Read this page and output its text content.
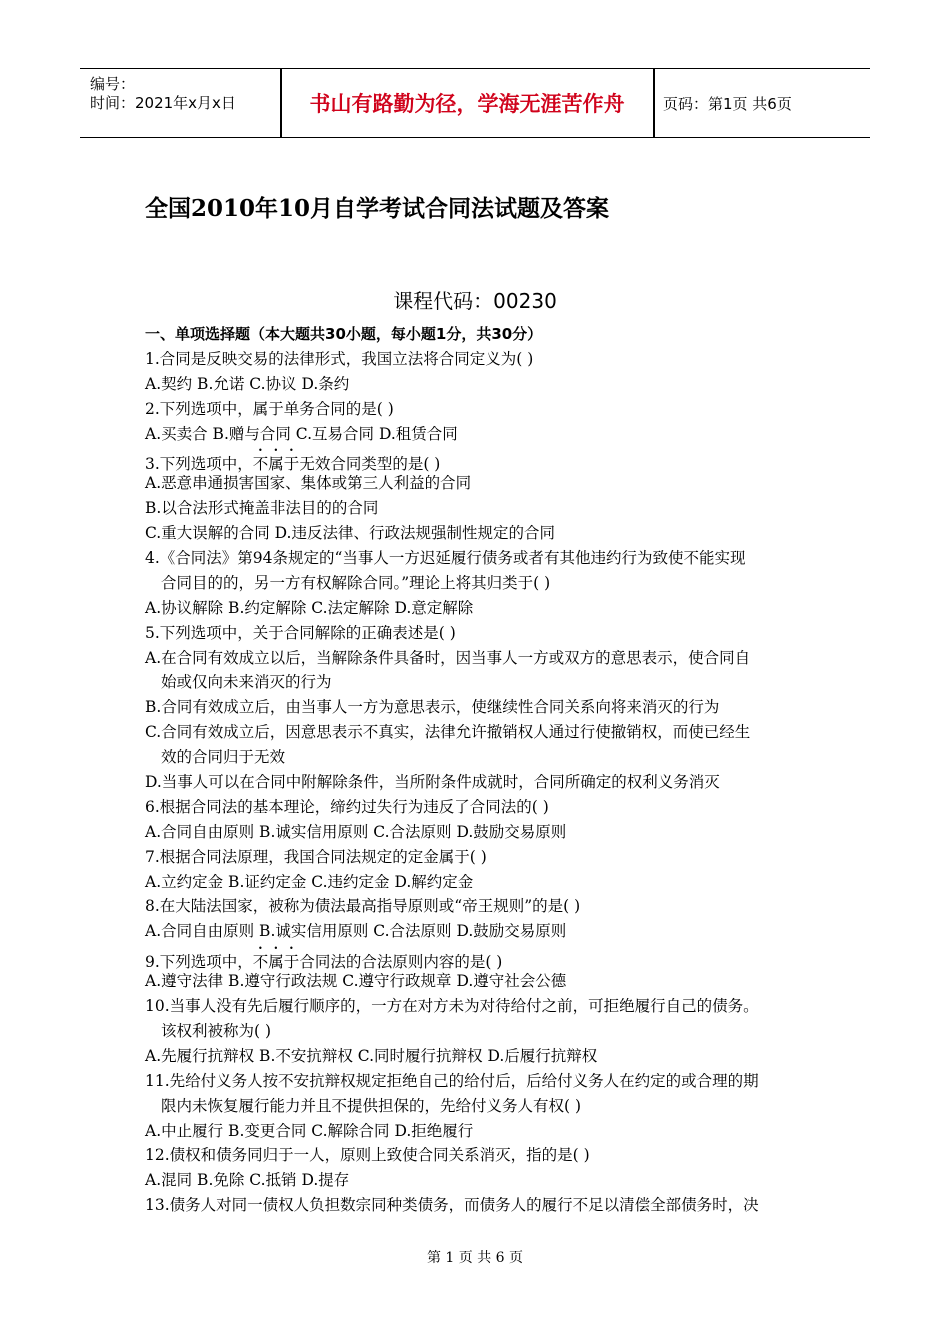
编号：
时间：2021年x月x日	书山有路勤为径，学海无涯苦作舟	页码：第1页 共6页
全国2010年10月自学考试合同法试题及答案
课程代码：00230
一、单项选择题（本大题共30小题，每小题1分，共30分）
1.合同是反映交易的法律形式，我国立法将合同定义为( )
A.契约 B.允诺 C.协议 D.条约
2.下列选项中，属于单务合同的是( )
A.买卖合 B.赠与合同 C.互易合同 D.租赁合同
3.下列选项中，不属于无效合同类型的是( )
A.恶意串通损害国家、集体或第三人利益的合同
B.以合法形式掩盖非法目的的合同
C.重大误解的合同 D.违反法律、行政法规强制性规定的合同
4.《合同法》第94条规定的“当事人一方迟延履行债务或者有其他违约行为致使不能实现
合同目的的，另一方有权解除合同。”理论上将其归类于( )
A.协议解除 B.约定解除 C.法定解除 D.意定解除
5.下列选项中，关于合同解除的正确表述是( )
A.在合同有效成立以后，当解除条件具备时，因当事人一方或双方的意思表示，使合同自
始或仅向未来消灭的行为
B.合同有效成立后，由当事人一方为意思表示，使继续性合同关系向将来消灭的行为
C.合同有效成立后，因意思表示不真实，法律允许撤销权人通过行使撤销权，而使已经生
效的合同归于无效
D.当事人可以在合同中附解除条件，当所附条件成就时，合同所确定的权利义务消灭
6.根据合同法的基本理论，缔约过失行为违反了合同法的( )
A.合同自由原则 B.诚实信用原则 C.合法原则 D.鼓励交易原则
7.根据合同法原理，我国合同法规定的定金属于( )
A.立约定金 B.证约定金 C.违约定金 D.解约定金
8.在大陆法国家，被称为债法最高指导原则或“帝王规则”的是( )
A.合同自由原则 B.诚实信用原则 C.合法原则 D.鼓励交易原则
9.下列选项中，不属于合同法的合法原则内容的是( )
A.遵守法律 B.遵守行政法规 C.遵守行政规章 D.遵守社会公德
10.当事人没有先后履行顺序的，一方在对方未为对待给付之前，可拒绝履行自己的债务。
该权利被称为( )
A.先履行抗辩权 B.不安抗辩权 C.同时履行抗辩权 D.后履行抗辩权
11.先给付义务人按不安抗辩权规定拒绝自己的给付后，后给付义务人在约定的或合理的期
限内未恢复履行能力并且不提供担保的，先给付义务人有权( )
A.中止履行 B.变更合同 C.解除合同 D.拒绝履行
12.债权和债务同归于一人，原则上致使合同关系消灭，指的是( )
A.混同 B.免除 C.抵销 D.提存
13.债务人对同一债权人负担数宗同种类债务，而债务人的履行不足以清偿全部债务时，决
第 1 页 共 6 页
